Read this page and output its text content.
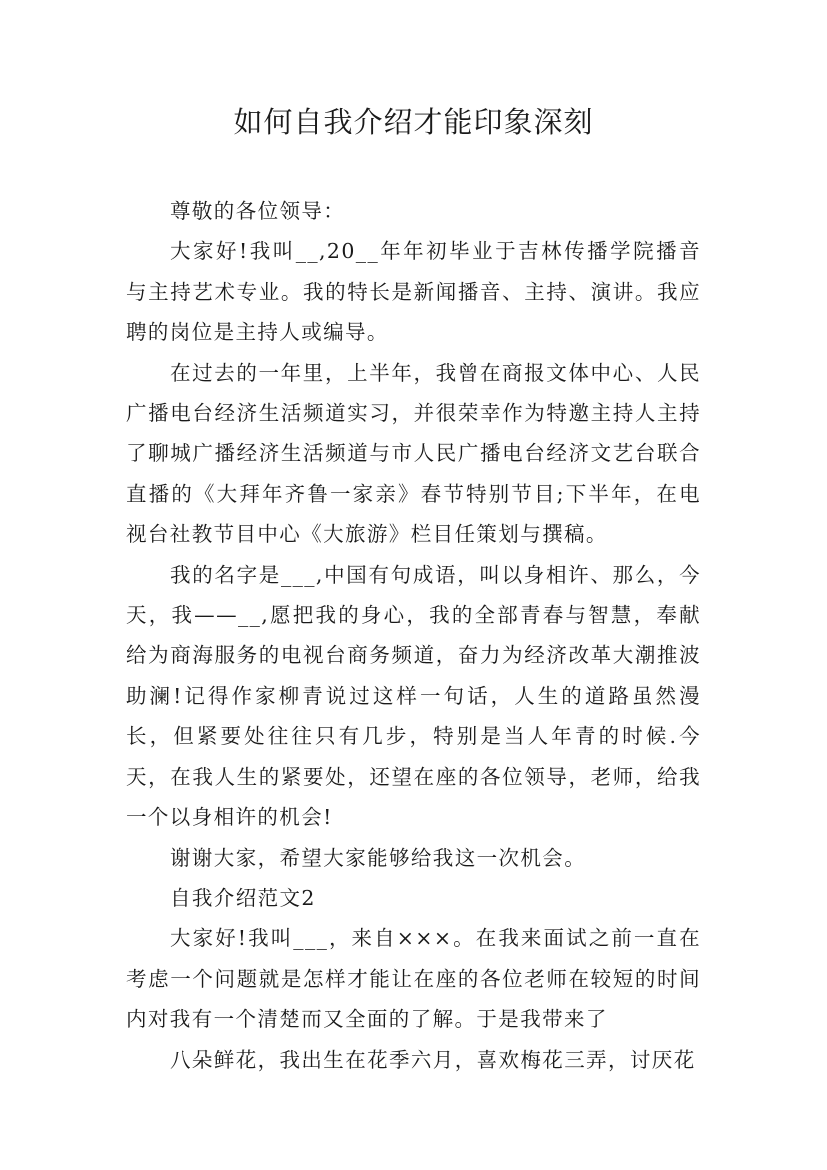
如何自我介绍才能印象深刻

尊敬的各位领导：

大家好!我叫__,20__年年初毕业于吉林传播学院播音与主持艺术专业。我的特长是新闻播音、主持、演讲。我应聘的岗位是主持人或编导。

在过去的一年里，上半年，我曾在商报文体中心、人民广播电台经济生活频道实习，并很荣幸作为特邀主持人主持了聊城广播经济生活频道与市人民广播电台经济文艺台联合直播的《大拜年齐鲁一家亲》春节特别节目;下半年，在电视台社教节目中心《大旅游》栏目任策划与撰稿。

我的名字是___,中国有句成语，叫以身相许、那么，今天，我——__,愿把我的身心，我的全部青春与智慧，奉献给为商海服务的电视台商务频道，奋力为经济改革大潮推波助澜!记得作家柳青说过这样一句话，人生的道路虽然漫长，但紧要处往往只有几步，特别是当人年青的时候.今天，在我人生的紧要处，还望在座的各位领导，老师，给我一个以身相许的机会!

谢谢大家，希望大家能够给我这一次机会。

自我介绍范文2

大家好!我叫___，来自×××。在我来面试之前一直在考虑一个问题就是怎样才能让在座的各位老师在较短的时间内对我有一个清楚而又全面的了解。于是我带来了

八朵鲜花，我出生在花季六月，喜欢梅花三弄，讨厌花
